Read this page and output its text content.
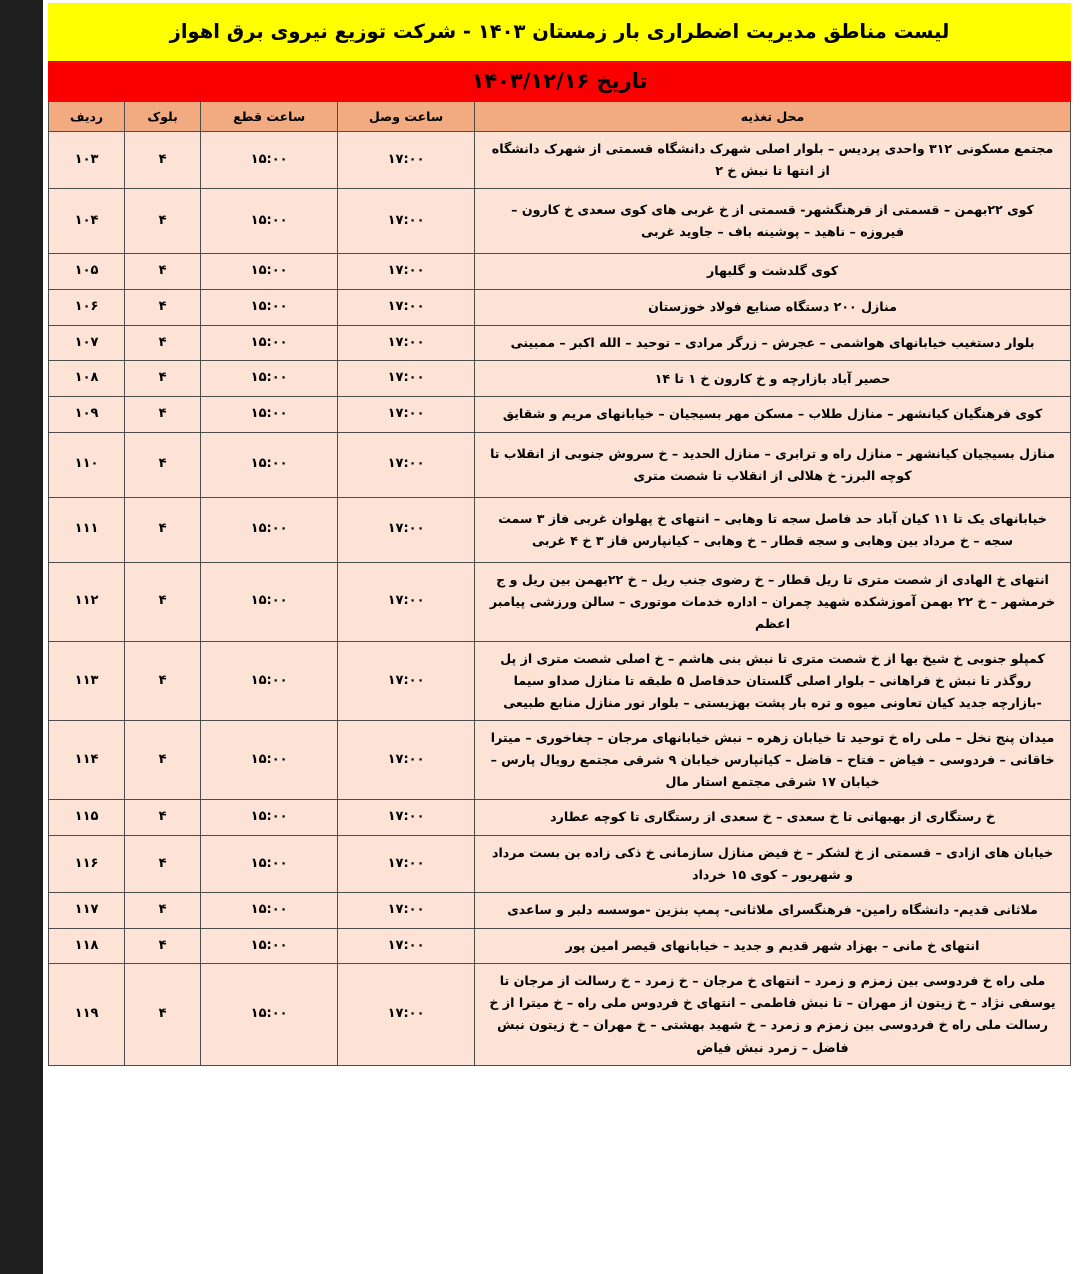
لیست مناطق مدیریت اضطراری بار زمستان ۱۴۰۳ - شرکت توزیع نیروی برق اهواز
تاریخ ۱۴۰۳/۱۲/۱۶
محل تغذیه	ساعت وصل	ساعت قطع	بلوک	ردیف
مجتمع مسکونی ۳۱۲ واحدی پردیس – بلوار اصلی شهرک دانشگاه قسمتی از شهرک دانشگاه از انتها تا نبش خ ۲	۱۷:۰۰	۱۵:۰۰	۴	۱۰۳
کوی ۲۲بهمن – قسمتی از فرهنگشهر- قسمتی از خ غربی های کوی سعدی خ کارون – فیروزه – ناهید – پوشینه باف – جاوید غربی	۱۷:۰۰	۱۵:۰۰	۴	۱۰۴
کوی گلدشت و گلبهار	۱۷:۰۰	۱۵:۰۰	۴	۱۰۵
منازل ۲۰۰ دستگاه صنایع فولاد خوزستان	۱۷:۰۰	۱۵:۰۰	۴	۱۰۶
بلوار دستغیب خیابانهای هواشمی – عجرش – زرگر مرادی – توحید – الله اکبر – ممبینی	۱۷:۰۰	۱۵:۰۰	۴	۱۰۷
حصیر آباد بازارچه و خ کارون خ ۱ تا ۱۴	۱۷:۰۰	۱۵:۰۰	۴	۱۰۸
کوی فرهنگیان کیانشهر – منازل طلاب – مسکن مهر بسیجیان – خیابانهای مریم و شقایق	۱۷:۰۰	۱۵:۰۰	۴	۱۰۹
منازل بسیجیان کیانشهر – منازل راه و ترابری – منازل الحدید – خ سروش جنوبی از انقلاب تا کوچه البرز- خ هلالی از انقلاب تا شصت متری	۱۷:۰۰	۱۵:۰۰	۴	۱۱۰
خیابانهای یک تا ۱۱ کیان آباد حد فاصل سجه تا وهابی – انتهای خ پهلوان غربی فاز ۳ سمت سجه – خ مرداد بین وهابی و سجه قطار – خ وهابی – کیانپارس فاز ۳ خ ۴ غربی	۱۷:۰۰	۱۵:۰۰	۴	۱۱۱
انتهای خ الهادی از شصت متری تا ریل قطار – خ رضوی جنب ریل – خ ۲۲بهمن بین ریل و ج خرمشهر – خ ۲۲ بهمن آموزشکده شهید چمران – اداره خدمات موتوری – سالن ورزشی پیامبر اعظم	۱۷:۰۰	۱۵:۰۰	۴	۱۱۲
کمپلو جنوبی خ شیخ بها از خ شصت متری تا نبش بنی هاشم – خ اصلی شصت متری از پل روگذر تا نبش خ فراهانی – بلوار اصلی گلستان حدفاصل ۵ طبقه تا منازل صداو سیما -بازارچه جدید کیان تعاونی میوه و تره بار پشت بهزیستی – بلوار نور منازل منابع طبیعی	۱۷:۰۰	۱۵:۰۰	۴	۱۱۳
میدان پنج نخل – ملی راه خ توحید تا خیابان زهره – نبش خیابانهای مرجان – چغاخوری – میترا خاقانی – فردوسی – فیاض – فتاح – فاضل – کیانپارس خیابان ۹ شرقی مجتمع رویال پارس – خیابان ۱۷ شرقی مجتمع استار مال	۱۷:۰۰	۱۵:۰۰	۴	۱۱۴
خ رستگاری از بهبهانی تا خ سعدی – خ سعدی از رستگاری تا کوچه عطارد	۱۷:۰۰	۱۵:۰۰	۴	۱۱۵
خیابان های ازادی – قسمتی از خ لشکر – خ فیض منازل سازمانی خ ذکی زاده بن بست مرداد و شهریور – کوی ۱۵ خرداد	۱۷:۰۰	۱۵:۰۰	۴	۱۱۶
ملاثانی قدیم- دانشگاه رامین- فرهنگسرای ملاثانی- پمپ بنزین -موسسه دلبر و ساعدی	۱۷:۰۰	۱۵:۰۰	۴	۱۱۷
انتهای خ مانی – بهزاد شهر قدیم و جدید – خیابانهای قیصر امین پور	۱۷:۰۰	۱۵:۰۰	۴	۱۱۸
ملی راه خ فردوسی بین زمزم و زمرد – انتهای خ مرجان – خ زمرد – خ رسالت از مرجان تا یوسفی نژاد – خ زیتون از مهران – تا نبش فاطمی – انتهای خ فردوس ملی راه – خ میترا از خ رسالت ملی راه خ فردوسی بین زمزم و زمرد – خ شهید بهشتی – خ مهران – خ زیتون نبش فاضل – زمرد نبش فیاض	۱۷:۰۰	۱۵:۰۰	۴	۱۱۹
